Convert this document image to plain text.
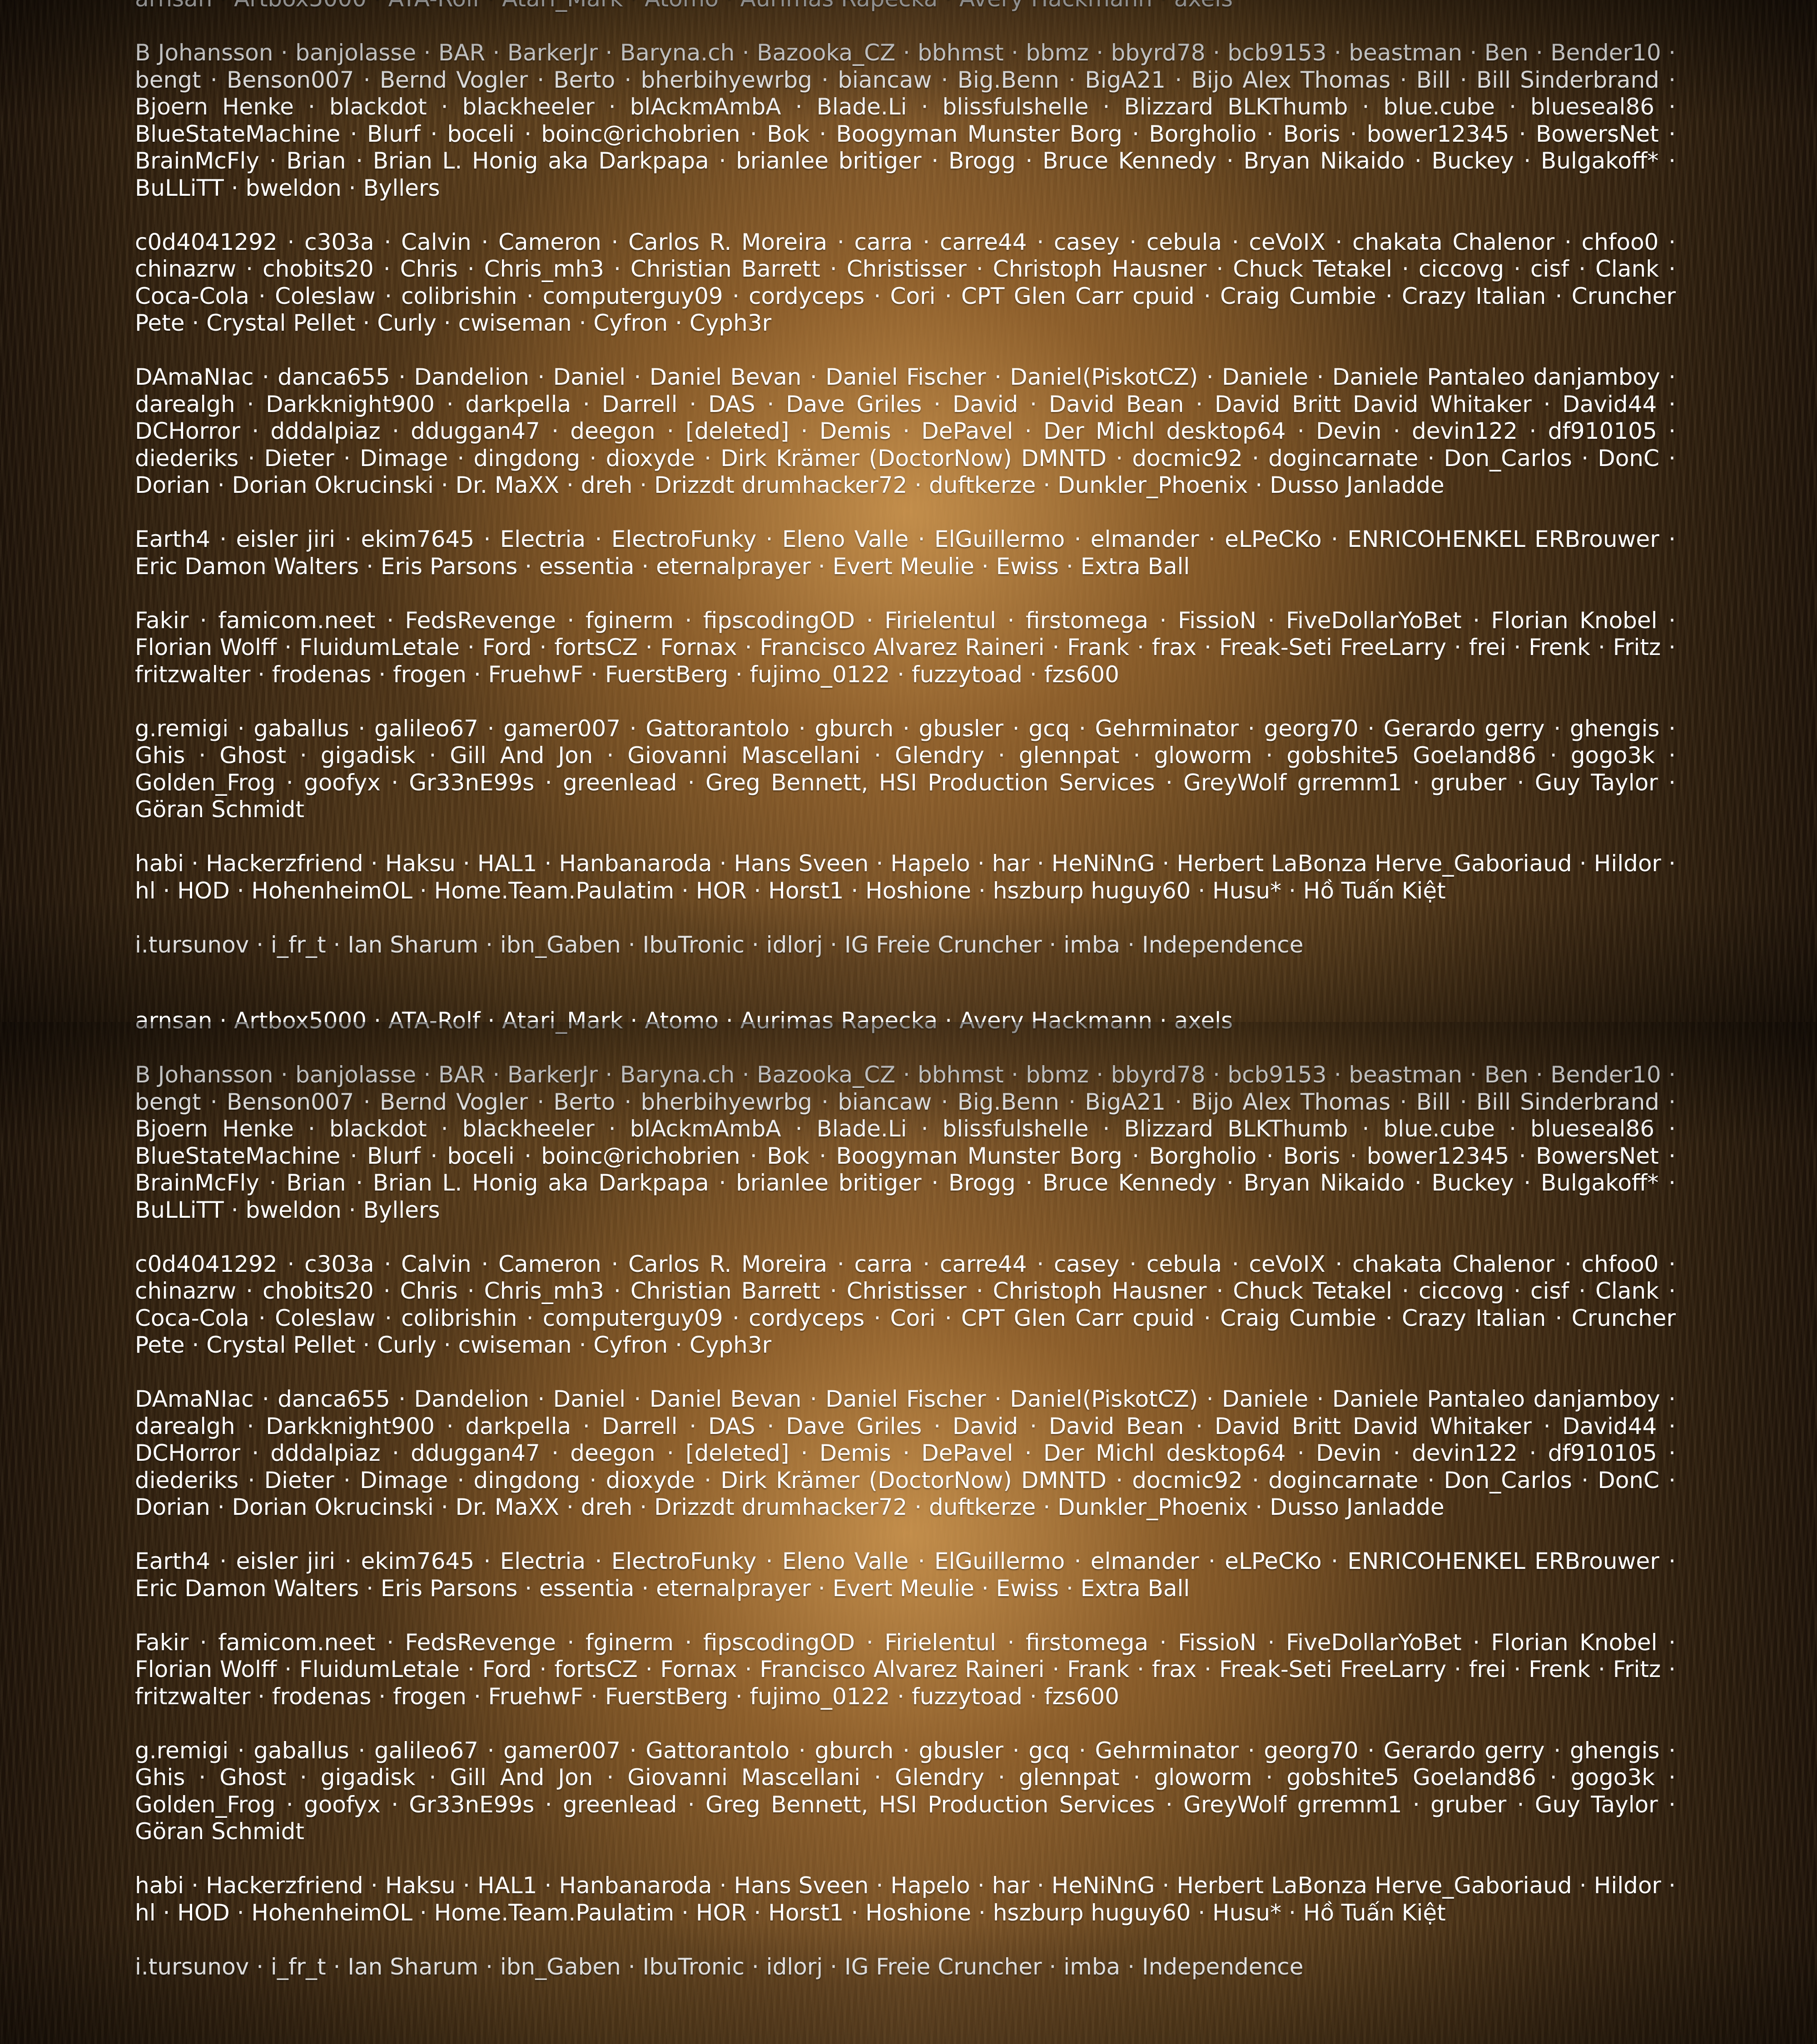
B Johansson · banjolasse · BAR · BarkerJr · Baryna.ch · Bazooka_CZ · bbhmst · bbmz · bbyrd78 · bcb9153 · beastman · Ben · Bender10 · bengt · Benson007 · Bernd Vogler · Berto · bherbihyewrbg · biancaw · Big.Benn · BigA21 · Bijo Alex Thomas · Bill · Bill Sinderbrand · Bjoern Henke · blackdot · blackheeler · blAckmAmbA · Blade.Li · blissfulshelle · Blizzard BLKThumb · blue.cube · blueseal86 · BlueStateMachine · Blurf · boceli · boinc@richobrien · Bok · Boogyman Munster Borg · Borgholio · Boris · bower12345 · BowersNet · BrainMcFly · Brian · Brian L. Honig aka Darkpapa · brianlee britiger · Brogg · Bruce Kennedy · Bryan Nikaido · Buckey · Bulgakoff* · BuLLiTT · bweldon · Byllers

c0d4041292 · c303a · Calvin · Cameron · Carlos R. Moreira · carra · carre44 · casey · cebula · ceVoIX · chakata Chalenor · chfoo0 · chinazrw · chobits20 · Chris · Chris_mh3 · Christian Barrett · Christisser · Christoph Hausner · Chuck Tetakel · ciccovg · cisf · Clank · Coca-Cola · Coleslaw · colibrishin · computerguy09 · cordyceps · Cori · CPT Glen Carr cpuid · Craig Cumbie · Crazy Italian · Cruncher Pete · Crystal Pellet · Curly · cwiseman · Cyfron · Cyph3r

DAmaNIac · danca655 · Dandelion · Daniel · Daniel Bevan · Daniel Fischer · Daniel(PiskotCZ) · Daniele · Daniele Pantaleo danjamboy · darealgh · Darkknight900 · darkpella · Darrell · DAS · Dave Griles · David · David Bean · David Britt David Whitaker · David44 · DCHorror · dddalpiaz · dduggan47 · deegon · [deleted] · Demis · DePavel · Der Michl desktop64 · Devin · devin122 · df910105 · diederiks · Dieter · Dimage · dingdong · dioxyde · Dirk Krämer (DoctorNow) DMNTD · docmic92 · dogincarnate · Don_Carlos · DonC · Dorian · Dorian Okrucinski · Dr. MaXX · dreh · Drizzdt drumhacker72 · duftkerze · Dunkler_Phoenix · Dusso Janladde

Earth4 · eisler jiri · ekim7645 · Electria · ElectroFunky · Eleno Valle · ElGuillermo · elmander · eLPeCKo · ENRICOHENKEL ERBrouwer · Eric Damon Walters · Eris Parsons · essentia · eternalprayer · Evert Meulie · Ewiss · Extra Ball

Fakir · famicom.neet · FedsRevenge · fginerm · fipscodingOD · Firielentul · firstomega · FissioN · FiveDollarYoBet · Florian Knobel · Florian Wolff · FluidumLetale · Ford · fortsCZ · Fornax · Francisco Alvarez Raineri · Frank · frax · Freak-Seti FreeLarry · frei · Frenk · Fritz · fritzwalter · frodenas · frogen · FruehwF · FuerstBerg · fujimo_0122 · fuzzytoad · fzs600

g.remigi · gaballus · galileo67 · gamer007 · Gattorantolo · gburch · gbusler · gcq · Gehrminator · georg70 · Gerardo gerry · ghengis · Ghis · Ghost · gigadisk · Gill And Jon · Giovanni Mascellani · Glendry · glennpat · gloworm · gobshite5 Goeland86 · gogo3k · Golden_Frog · goofyx · Gr33nE99s · greenlead · Greg Bennett, HSI Production Services · GreyWolf grremm1 · gruber · Guy Taylor · Göran Schmidt

habi · Hackerzfriend · Haksu · HAL1 · Hanbanaroda · Hans Sveen · Hapelo · har · HeNiNnG · Herbert LaBonza Herve_Gaboriaud · Hildor · hl · HOD · HohenheimOL · Home.Team.Paulatim · HOR · Horst1 · Hoshione · hszburp huguy60 · Husu* · Hồ Tuấn Kiệt

i.tursunov · i_fr_t · Ian Sharum · ibn_Gaben · IbuTronic · idlorj · IG Freie Cruncher · imba · Independence

arnsan · Artbox5000 · ATA-Rolf · Atari_Mark · Atomo · Aurimas Rapecka · Avery Hackmann · axels

B Johansson · banjolasse · BAR · BarkerJr · Baryna.ch · Bazooka_CZ · bbhmst · bbmz · bbyrd78 · bcb9153 · beastman · Ben · Bender10 · bengt · Benson007 · Bernd Vogler · Berto · bherbihyewrbg · biancaw · Big.Benn · BigA21 · Bijo Alex Thomas · Bill · Bill Sinderbrand · Bjoern Henke · blackdot · blackheeler · blAckmAmbA · Blade.Li · blissfulshelle · Blizzard BLKThumb · blue.cube · blueseal86 · BlueStateMachine · Blurf · boceli · boinc@richobrien · Bok · Boogyman Munster Borg · Borgholio · Boris · bower12345 · BowersNet · BrainMcFly · Brian · Brian L. Honig aka Darkpapa · brianlee britiger · Brogg · Bruce Kennedy · Bryan Nikaido · Buckey · Bulgakoff* · BuLLiTT · bweldon · Byllers

c0d4041292 · c303a · Calvin · Cameron · Carlos R. Moreira · carra · carre44 · casey · cebula · ceVoIX · chakata Chalenor · chfoo0 · chinazrw · chobits20 · Chris · Chris_mh3 · Christian Barrett · Christisser · Christoph Hausner · Chuck Tetakel · ciccovg · cisf · Clank · Coca-Cola · Coleslaw · colibrishin · computerguy09 · cordyceps · Cori · CPT Glen Carr cpuid · Craig Cumbie · Crazy Italian · Cruncher Pete · Crystal Pellet · Curly · cwiseman · Cyfron · Cyph3r

DAmaNIac · danca655 · Dandelion · Daniel · Daniel Bevan · Daniel Fischer · Daniel(PiskotCZ) · Daniele · Daniele Pantaleo danjamboy · darealgh · Darkknight900 · darkpella · Darrell · DAS · Dave Griles · David · David Bean · David Britt David Whitaker · David44 · DCHorror · dddalpiaz · dduggan47 · deegon · [deleted] · Demis · DePavel · Der Michl desktop64 · Devin · devin122 · df910105 · diederiks · Dieter · Dimage · dingdong · dioxyde · Dirk Krämer (DoctorNow) DMNTD · docmic92 · dogincarnate · Don_Carlos · DonC · Dorian · Dorian Okrucinski · Dr. MaXX · dreh · Drizzdt drumhacker72 · duftkerze · Dunkler_Phoenix · Dusso Janladde

Earth4 · eisler jiri · ekim7645 · Electria · ElectroFunky · Eleno Valle · ElGuillermo · elmander · eLPeCKo · ENRICOHENKEL ERBrouwer · Eric Damon Walters · Eris Parsons · essentia · eternalprayer · Evert Meulie · Ewiss · Extra Ball

Fakir · famicom.neet · FedsRevenge · fginerm · fipscodingOD · Firielentul · firstomega · FissioN · FiveDollarYoBet · Florian Knobel · Florian Wolff · FluidumLetale · Ford · fortsCZ · Fornax · Francisco Alvarez Raineri · Frank · frax · Freak-Seti FreeLarry · frei · Frenk · Fritz · fritzwalter · frodenas · frogen · FruehwF · FuerstBerg · fujimo_0122 · fuzzytoad · fzs600

g.remigi · gaballus · galileo67 · gamer007 · Gattorantolo · gburch · gbusler · gcq · Gehrminator · georg70 · Gerardo gerry · ghengis · Ghis · Ghost · gigadisk · Gill And Jon · Giovanni Mascellani · Glendry · glennpat · gloworm · gobshite5 Goeland86 · gogo3k · Golden_Frog · goofyx · Gr33nE99s · greenlead · Greg Bennett, HSI Production Services · GreyWolf grremm1 · gruber · Guy Taylor · Göran Schmidt

habi · Hackerzfriend · Haksu · HAL1 · Hanbanaroda · Hans Sveen · Hapelo · har · HeNiNnG · Herbert LaBonza Herve_Gaboriaud · Hildor · hl · HOD · HohenheimOL · Home.Team.Paulatim · HOR · Horst1 · Hoshione · hszburp huguy60 · Husu* · Hồ Tuấn Kiệt

i.tursunov · i_fr_t · Ian Sharum · ibn_Gaben · IbuTronic · idlorj · IG Freie Cruncher · imba · Independence
